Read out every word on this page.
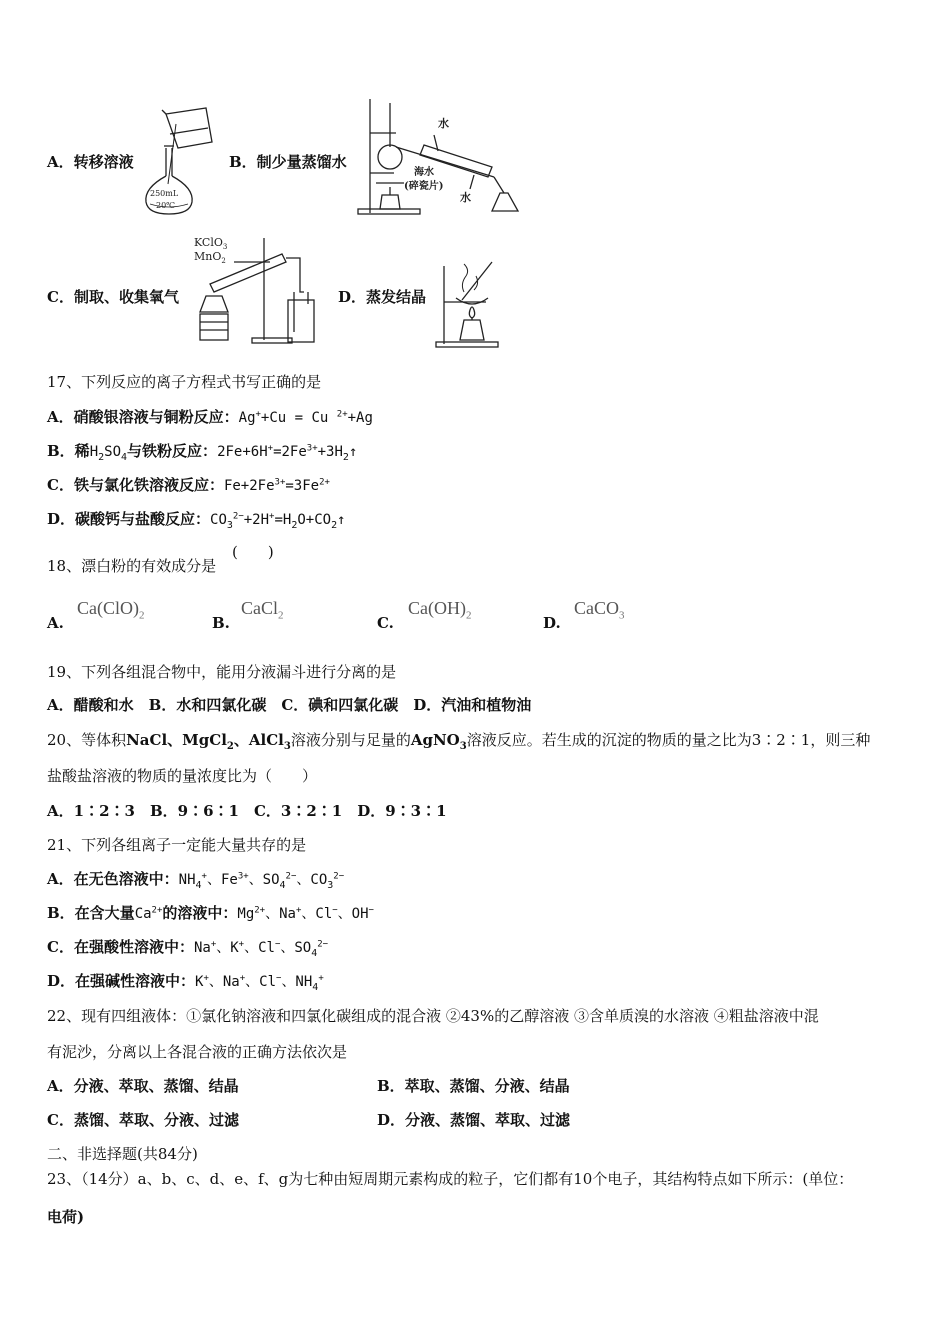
A．转移溶液
250mL
20℃
B．制少量蒸馏水
水
海水
(碎瓷片)
水
C．制取、收集氧气
KClO$_3$
MnO$_2$
D．蒸发结晶
17、下列反应的离子方程式书写正确的是
A．硝酸银溶液与铜粉反应：Ag++Cu = Cu $^{2+}$+Ag
B．稀$H_2SO_4$与铁粉反应：$2Fe+6H^+=2Fe^{3+}+3H_2↑$
C．铁与氯化铁溶液反应：$Fe+2Fe^{3+}=3Fe^{2+}$
D．碳酸钙与盐酸反应：$CO_3^{2-}+2H^+=H_2O+CO_2↑$
18、漂白粉的有效成分是
(　　)
A.
$Ca(ClO)_2$	B.
CaCl$_2$	C.
$Ca(OH)_2$	D.
CaCO$_3$
19、下列各组混合物中，能用分液漏斗进行分离的是
A．醋酸和水　B．水和四氯化碳　C．碘和四氯化碳　D．汽油和植物油
20、等体积NaCl、MgCl$_2$、AlCl$_3$溶液分别与足量的AgNO$_3$溶液反应。若生成的沉淀的物质的量之比为3∶2∶1，则三种
盐酸盐溶液的物质的量浓度比为（　　）
A．1∶2∶3　B．9∶6∶1　C．3∶2∶1　D．9∶3∶1
21、下列各组离子一定能大量共存的是
A．在无色溶液中：$NH_4^+$、$Fe^{3+}$、$SO_4^{2-}$、$CO_3^{2-}$
B．在含大量$Ca^{2+}$的溶液中：$Mg^{2+}$、Na+、Cl−、OH−
C．在强酸性溶液中：Na+、K+、Cl−、$SO_4^{2-}$
D．在强碱性溶液中：K+、Na+、Cl−、$NH_4^+$
22、现有四组液体：①氯化钠溶液和四氯化碳组成的混合液 ②43%的乙醇溶液 ③含单质溴的水溶液 ④粗盐溶液中混
有泥沙，分离以上各混合液的正确方法依次是
A．分液、萃取、蒸馏、结晶	B．萃取、蒸馏、分液、结晶
C．蒸馏、萃取、分液、过滤	D．分液、蒸馏、萃取、过滤
二、非选择题(共84分)
23、（14分）a、b、c、d、e、f、g为七种由短周期元素构成的粒子，它们都有10个电子，其结构特点如下所示：(单位：
电荷)
